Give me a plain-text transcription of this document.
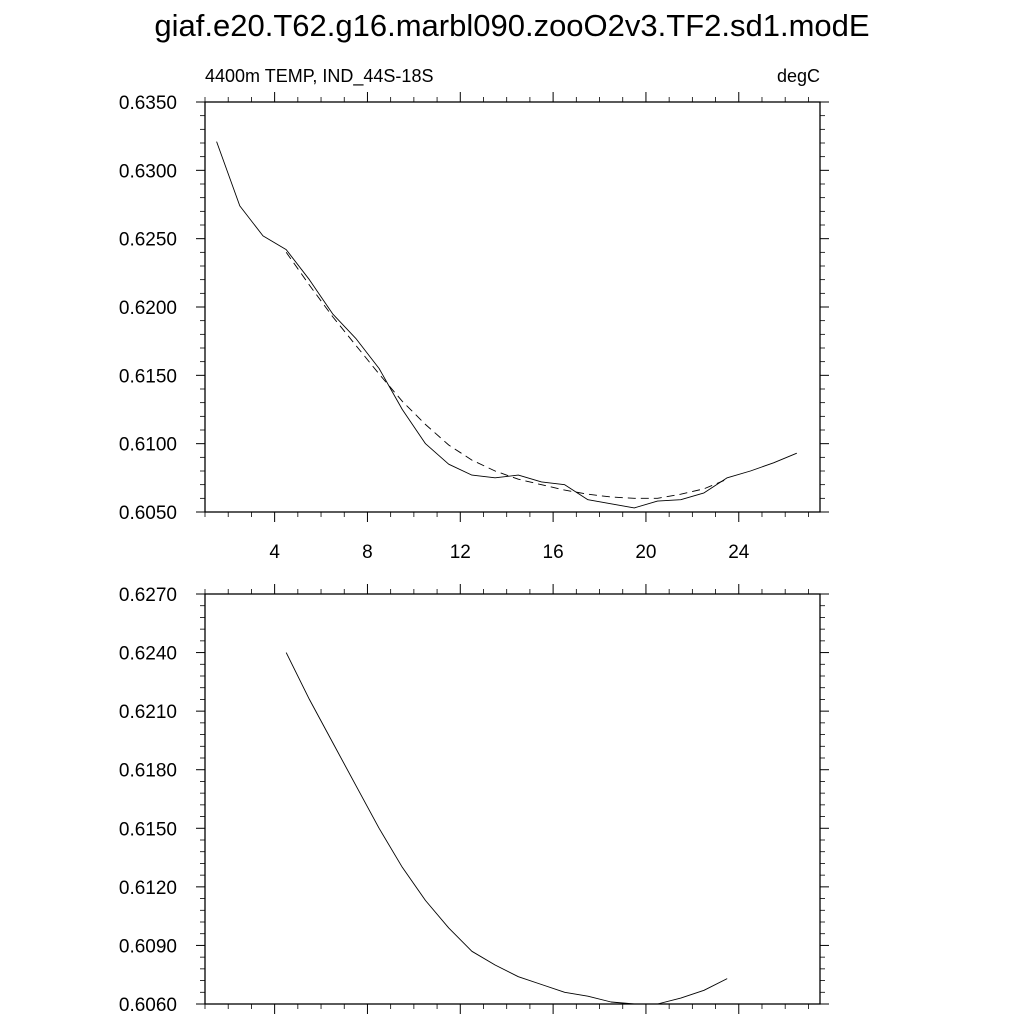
giaf.e20.T62.g16.marbl090.zooO2v3.TF2.sd1.modE
0.6050
0.6100
0.6150
0.6200
0.6250
0.6300
0.6350
4	8	12	16	20	24
4400m TEMP, IND_44S-18S	degC
0.6060
0.6090
0.6120
0.6150
0.6180
0.6210
0.6240
0.6270
